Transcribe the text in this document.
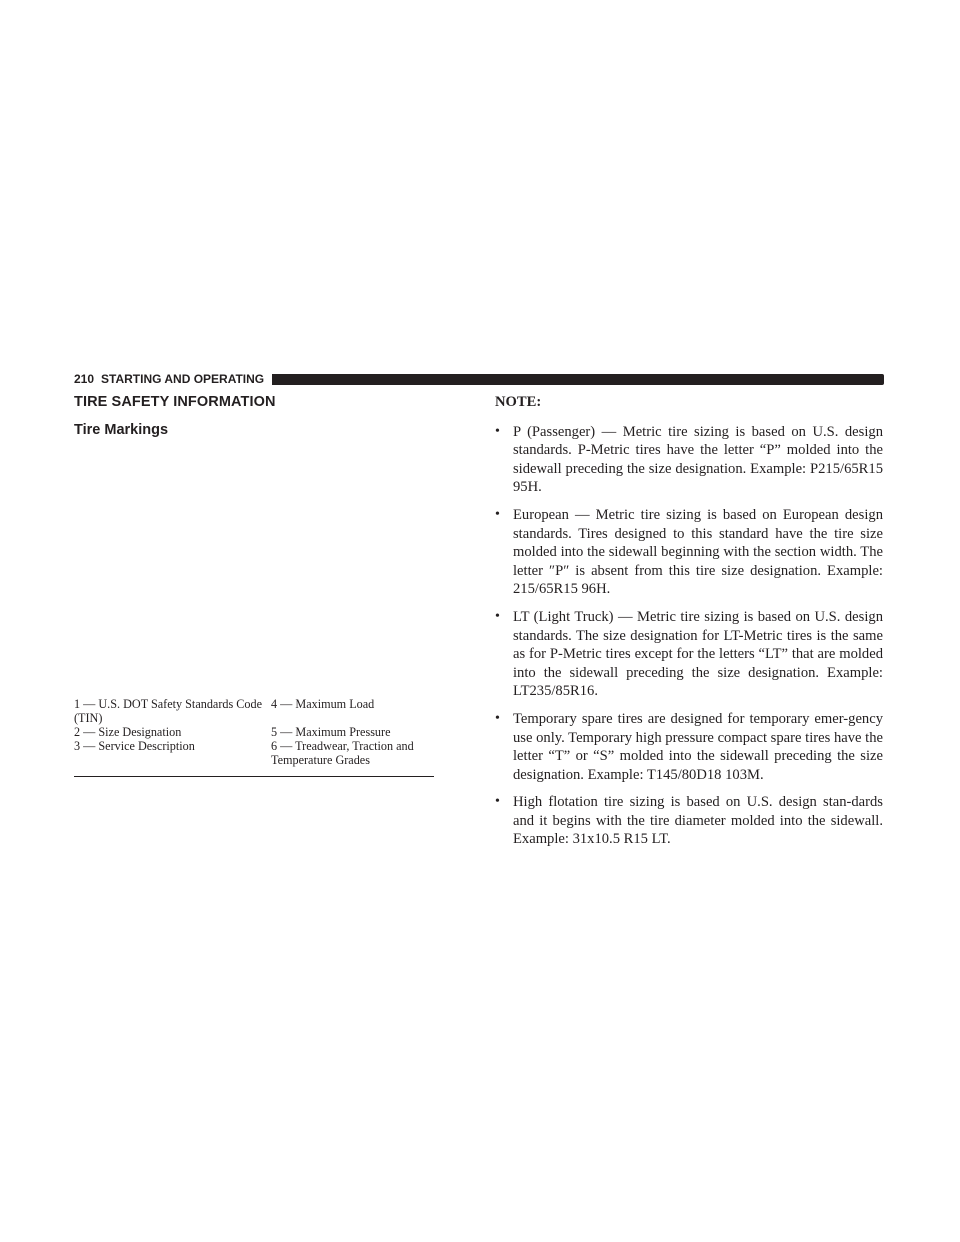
210 STARTING AND OPERATING
TIRE SAFETY INFORMATION
Tire Markings
1 — U.S. DOT Safety Standards Code (TIN)
4 — Maximum Load
2 — Size Designation	5 — Maximum Pressure
3 — Service Description	6 — Treadwear, Traction and Temperature Grades
NOTE:
• P (Passenger) — Metric tire sizing is based on U.S. design standards. P-Metric tires have the letter “P” molded into the sidewall preceding the size designation. Example: P215/65R15 95H.
• European — Metric tire sizing is based on European design standards. Tires designed to this standard have the tire size molded into the sidewall beginning with the section width. The letter ″P″ is absent from this tire size designation. Example: 215/65R15 96H.
• LT (Light Truck) — Metric tire sizing is based on U.S. design standards. The size designation for LT-Metric tires is the same as for P-Metric tires except for the letters “LT” that are molded into the sidewall preceding the size designation. Example: LT235/85R16.
• Temporary spare tires are designed for temporary emer-gency use only. Temporary high pressure compact spare tires have the letter “T” or “S” molded into the sidewall preceding the size designation. Example: T145/80D18 103M.
• High flotation tire sizing is based on U.S. design stan-dards and it begins with the tire diameter molded into the sidewall. Example: 31x10.5 R15 LT.
